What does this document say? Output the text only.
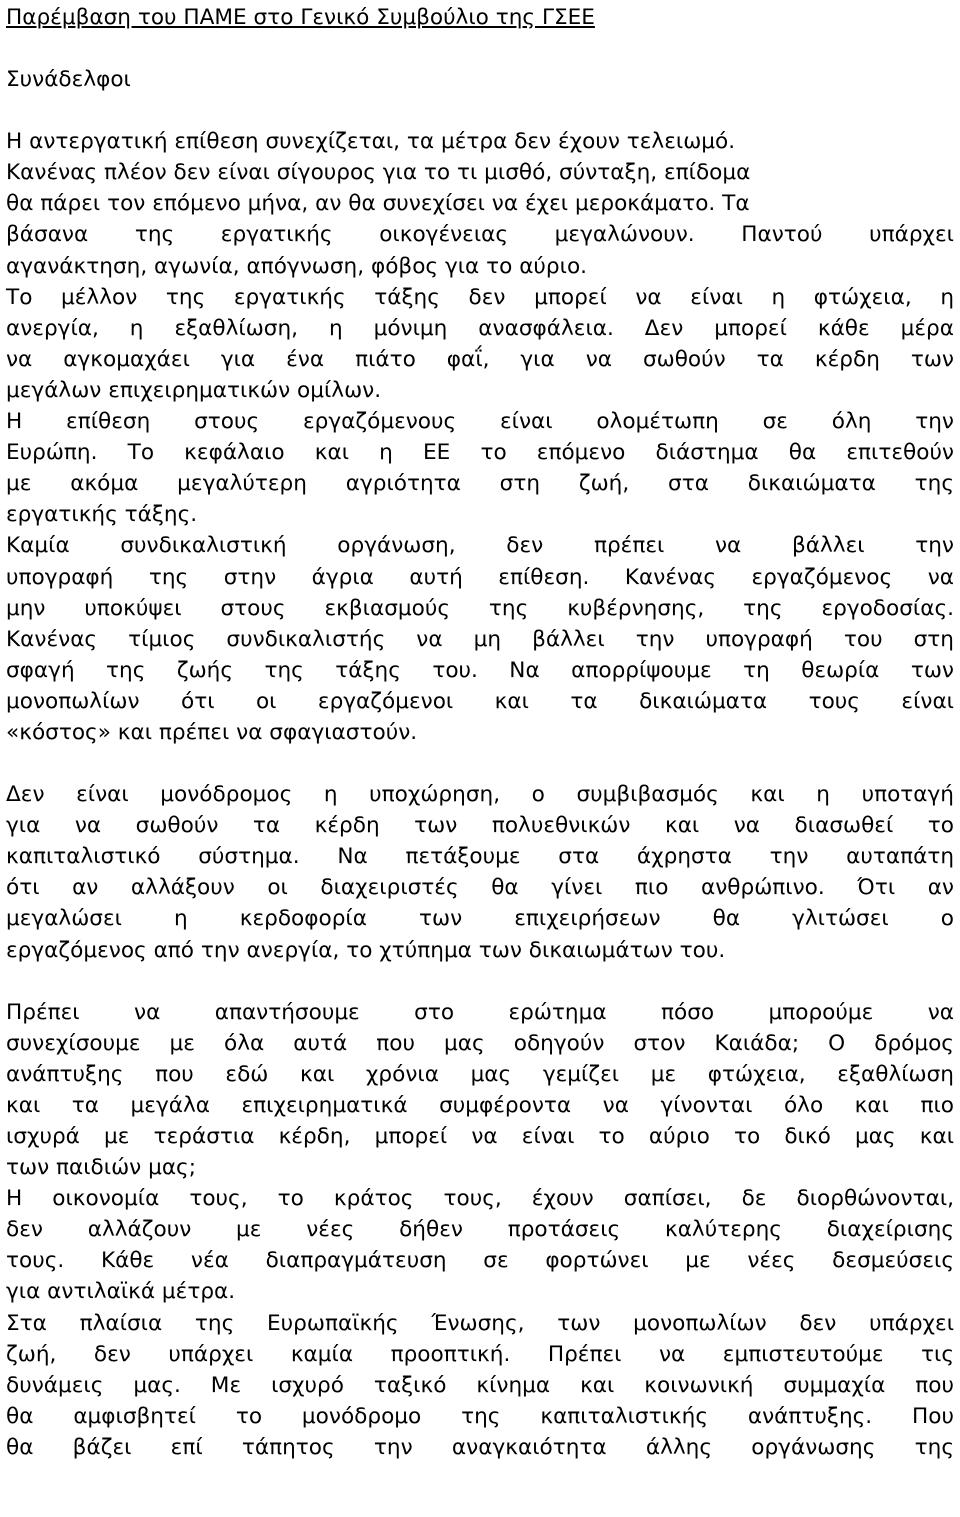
Παρέμβαση του ΠΑΜΕ στο Γενικό Συμβούλιο της ΓΣΕΕ

Συνάδελφοι

Η αντεργατική επίθεση συνεχίζεται, τα μέτρα δεν έχουν τελειωμό.
Κανένας πλέον δεν είναι σίγουρος για το τι μισθό, σύνταξη, επίδομα
θα πάρει τον επόμενο μήνα, αν θα συνεχίσει να έχει μεροκάματο. Τα
βάσανα της εργατικής οικογένειας μεγαλώνουν. Παντού υπάρχει
αγανάκτηση, αγωνία, απόγνωση, φόβος για το αύριο.
Το μέλλον της εργατικής τάξης δεν μπορεί να είναι η φτώχεια, η
ανεργία, η εξαθλίωση, η μόνιμη ανασφάλεια. Δεν μπορεί κάθε μέρα
να αγκομαχάει για ένα πιάτο φαΐ, για να σωθούν τα κέρδη των
μεγάλων επιχειρηματικών ομίλων.
Η επίθεση στους εργαζόμενους είναι ολομέτωπη σε όλη την
Ευρώπη. Το κεφάλαιο και η ΕΕ το επόμενο διάστημα θα επιτεθούν
με ακόμα μεγαλύτερη αγριότητα στη ζωή, στα δικαιώματα της
εργατικής τάξης.
Καμία συνδικαλιστική οργάνωση, δεν πρέπει να βάλλει την
υπογραφή της στην άγρια αυτή επίθεση. Κανένας εργαζόμενος να
μην υποκύψει στους εκβιασμούς της κυβέρνησης, της εργοδοσίας.
Κανένας τίμιος συνδικαλιστής να μη βάλλει την υπογραφή του στη
σφαγή της ζωής της τάξης του. Να απορρίψουμε τη θεωρία των
μονοπωλίων ότι οι εργαζόμενοι και τα δικαιώματα τους είναι
«κόστος» και πρέπει να σφαγιαστούν.
Δεν είναι μονόδρομος η υποχώρηση, ο συμβιβασμός και η υποταγή
για να σωθούν τα κέρδη των πολυεθνικών και να διασωθεί το
καπιταλιστικό σύστημα. Να πετάξουμε στα άχρηστα την αυταπάτη
ότι αν αλλάξουν οι διαχειριστές θα γίνει πιο ανθρώπινο. Ότι αν
μεγαλώσει η κερδοφορία των επιχειρήσεων θα γλιτώσει ο
εργαζόμενος από την ανεργία, το χτύπημα των δικαιωμάτων του.
Πρέπει να απαντήσουμε στο ερώτημα πόσο μπορούμε να
συνεχίσουμε με όλα αυτά που μας οδηγούν στον Καιάδα; Ο δρόμος
ανάπτυξης που εδώ και χρόνια μας γεμίζει με φτώχεια, εξαθλίωση
και τα μεγάλα επιχειρηματικά συμφέροντα να γίνονται όλο και πιο
ισχυρά με τεράστια κέρδη, μπορεί να είναι το αύριο το δικό μας και
των παιδιών μας;
Η οικονομία τους, το κράτος τους, έχουν σαπίσει, δε διορθώνονται,
δεν αλλάζουν με νέες δήθεν προτάσεις καλύτερης διαχείρισης
τους. Κάθε νέα διαπραγμάτευση σε φορτώνει με νέες δεσμεύσεις
για αντιλαϊκά μέτρα.
Στα πλαίσια της Ευρωπαϊκής Ένωσης, των μονοπωλίων δεν υπάρχει
ζωή, δεν υπάρχει καμία προοπτική. Πρέπει να εμπιστευτούμε τις
δυνάμεις μας. Με ισχυρό ταξικό κίνημα και κοινωνική συμμαχία που
θα αμφισβητεί το μονόδρομο της καπιταλιστικής ανάπτυξης. Που
θα βάζει επί τάπητος την αναγκαιότητα άλλης οργάνωσης της
